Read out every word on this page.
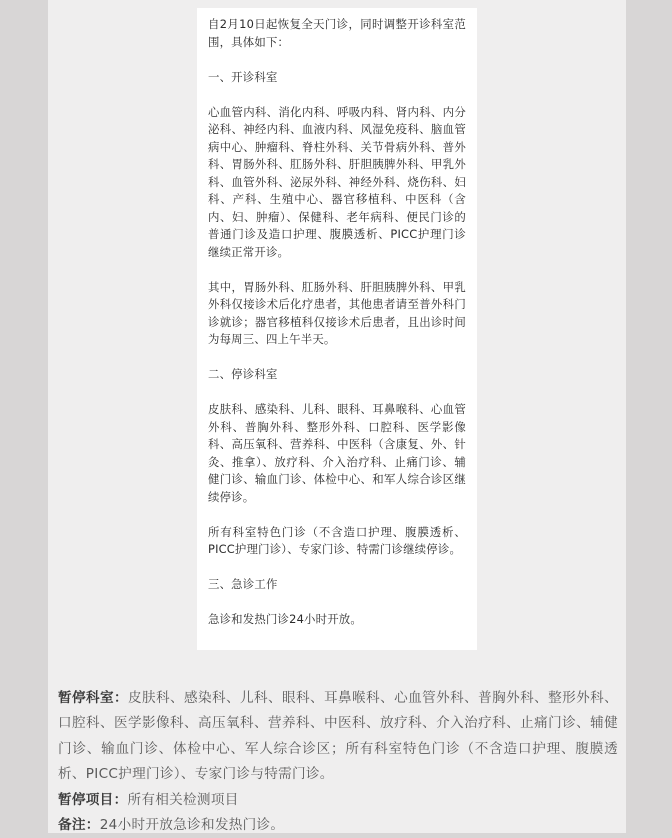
自2月10日起恢复全天门诊，同时调整开诊科室范围，具体如下：

一、开诊科室

心血管内科、消化内科、呼吸内科、肾内科、内分泌科、神经内科、血液内科、风湿免疫科、脑血管病中心、肿瘤科、脊柱外科、关节骨病外科、普外科、胃肠外科、肛肠外科、肝胆胰脾外科、甲乳外科、血管外科、泌尿外科、神经外科、烧伤科、妇科、产科、生殖中心、器官移植科、中医科（含内、妇、肿瘤）、保健科、老年病科、便民门诊的普通门诊及造口护理、腹膜透析、PICC护理门诊继续正常开诊。

其中，胃肠外科、肛肠外科、肝胆胰脾外科、甲乳外科仅接诊术后化疗患者，其他患者请至普外科门诊就诊；器官移植科仅接诊术后患者，且出诊时间为每周三、四上午半天。

二、停诊科室

皮肤科、感染科、儿科、眼科、耳鼻喉科、心血管外科、普胸外科、整形外科、口腔科、医学影像科、高压氧科、营养科、中医科（含康复、外、针灸、推拿）、放疗科、介入治疗科、止痛门诊、辅健门诊、输血门诊、体检中心、和军人综合诊区继续停诊。

所有科室特色门诊（不含造口护理、腹膜透析、PICC护理门诊）、专家门诊、特需门诊继续停诊。

三、急诊工作

急诊和发热门诊24小时开放。

暂停科室：皮肤科、感染科、儿科、眼科、耳鼻喉科、心血管外科、普胸外科、整形外科、口腔科、医学影像科、高压氧科、营养科、中医科、放疗科、介入治疗科、止痛门诊、辅健门诊、输血门诊、体检中心、军人综合诊区；所有科室特色门诊（不含造口护理、腹膜透析、PICC护理门诊）、专家门诊与特需门诊。

暂停项目：所有相关检测项目

备注：24小时开放急诊和发热门诊。
